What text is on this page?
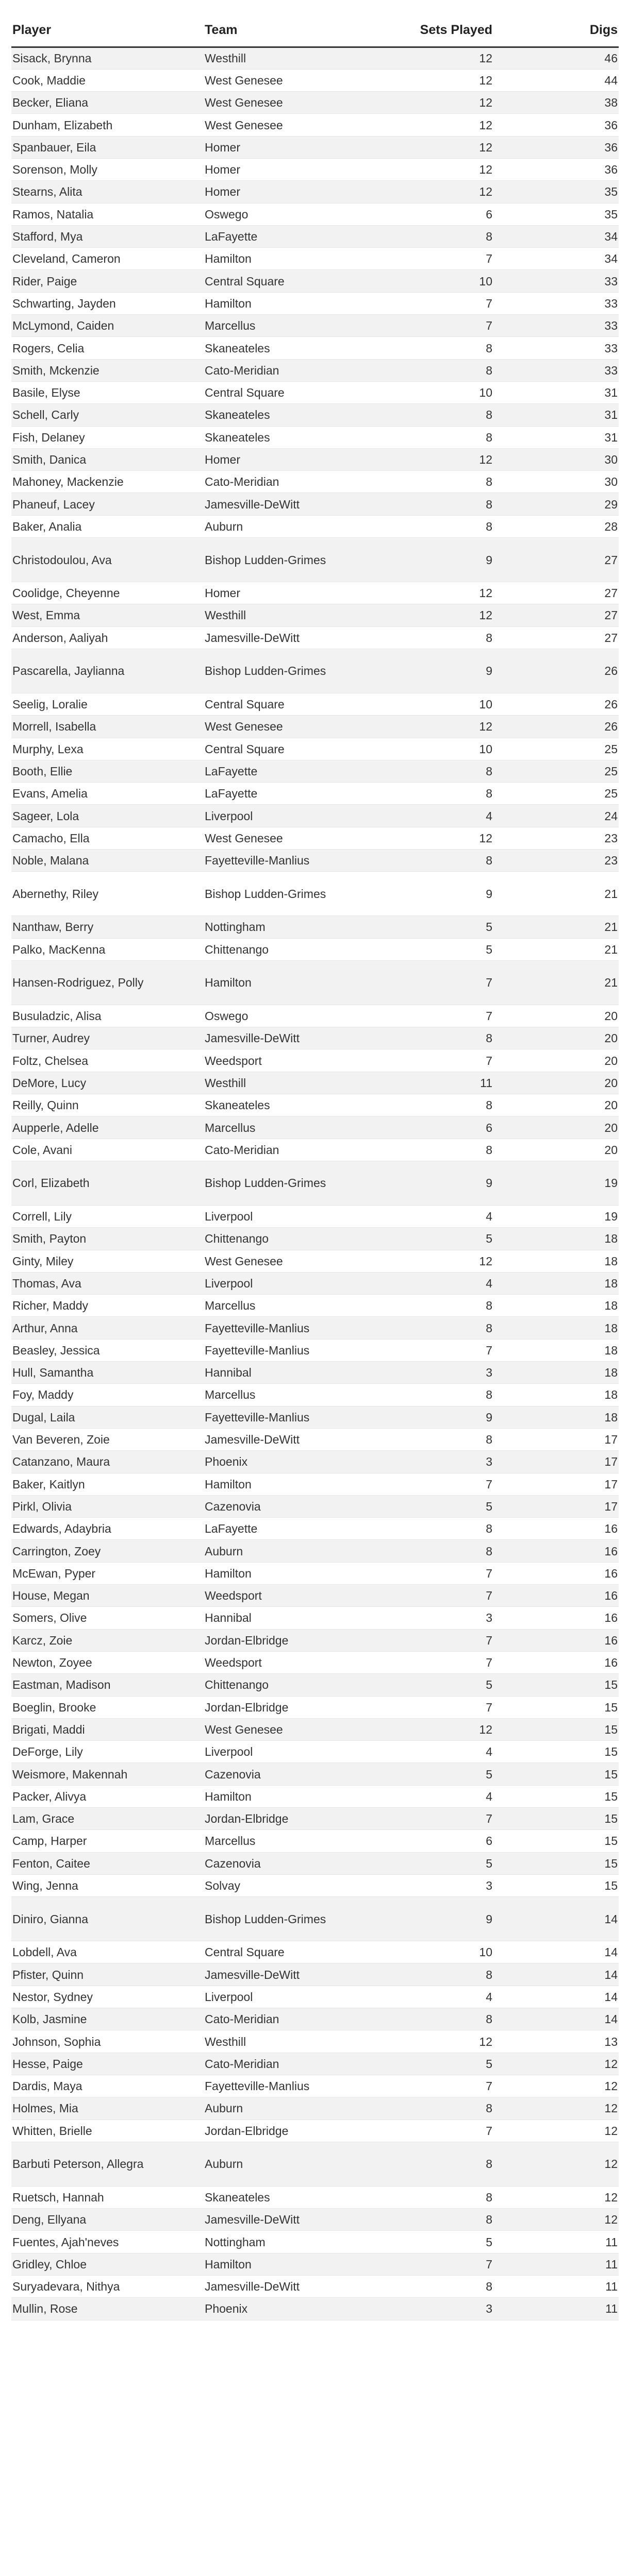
Player	Team	Sets Played	Digs
Sisack, Brynna	Westhill	12	46
Cook, Maddie	West Genesee	12	44
Becker, Eliana	West Genesee	12	38
Dunham, Elizabeth	West Genesee	12	36
Spanbauer, Eila	Homer	12	36
Sorenson, Molly	Homer	12	36
Stearns, Alita	Homer	12	35
Ramos, Natalia	Oswego	6	35
Stafford, Mya	LaFayette	8	34
Cleveland, Cameron	Hamilton	7	34
Rider, Paige	Central Square	10	33
Schwarting, Jayden	Hamilton	7	33
McLymond, Caiden	Marcellus	7	33
Rogers, Celia	Skaneateles	8	33
Smith, Mckenzie	Cato-Meridian	8	33
Basile, Elyse	Central Square	10	31
Schell, Carly	Skaneateles	8	31
Fish, Delaney	Skaneateles	8	31
Smith, Danica	Homer	12	30
Mahoney, Mackenzie	Cato-Meridian	8	30
Phaneuf, Lacey	Jamesville-DeWitt	8	29
Baker, Analia	Auburn	8	28
Christodoulou, Ava	Bishop Ludden-Grimes	9	27
Coolidge, Cheyenne	Homer	12	27
West, Emma	Westhill	12	27
Anderson, Aaliyah	Jamesville-DeWitt	8	27
Pascarella, Jaylianna	Bishop Ludden-Grimes	9	26
Seelig, Loralie	Central Square	10	26
Morrell, Isabella	West Genesee	12	26
Murphy, Lexa	Central Square	10	25
Booth, Ellie	LaFayette	8	25
Evans, Amelia	LaFayette	8	25
Sageer, Lola	Liverpool	4	24
Camacho, Ella	West Genesee	12	23
Noble, Malana	Fayetteville-Manlius	8	23
Abernethy, Riley	Bishop Ludden-Grimes	9	21
Nanthaw, Berry	Nottingham	5	21
Palko, MacKenna	Chittenango	5	21
Hansen-Rodriguez, Polly	Hamilton	7	21
Busuladzic, Alisa	Oswego	7	20
Turner, Audrey	Jamesville-DeWitt	8	20
Foltz, Chelsea	Weedsport	7	20
DeMore, Lucy	Westhill	11	20
Reilly, Quinn	Skaneateles	8	20
Aupperle, Adelle	Marcellus	6	20
Cole, Avani	Cato-Meridian	8	20
Corl, Elizabeth	Bishop Ludden-Grimes	9	19
Correll, Lily	Liverpool	4	19
Smith, Payton	Chittenango	5	18
Ginty, Miley	West Genesee	12	18
Thomas, Ava	Liverpool	4	18
Richer, Maddy	Marcellus	8	18
Arthur, Anna	Fayetteville-Manlius	8	18
Beasley, Jessica	Fayetteville-Manlius	7	18
Hull, Samantha	Hannibal	3	18
Foy, Maddy	Marcellus	8	18
Dugal, Laila	Fayetteville-Manlius	9	18
Van Beveren, Zoie	Jamesville-DeWitt	8	17
Catanzano, Maura	Phoenix	3	17
Baker, Kaitlyn	Hamilton	7	17
Pirkl, Olivia	Cazenovia	5	17
Edwards, Adaybria	LaFayette	8	16
Carrington, Zoey	Auburn	8	16
McEwan, Pyper	Hamilton	7	16
House, Megan	Weedsport	7	16
Somers, Olive	Hannibal	3	16
Karcz, Zoie	Jordan-Elbridge	7	16
Newton, Zoyee	Weedsport	7	16
Eastman, Madison	Chittenango	5	15
Boeglin, Brooke	Jordan-Elbridge	7	15
Brigati, Maddi	West Genesee	12	15
DeForge, Lily	Liverpool	4	15
Weismore, Makennah	Cazenovia	5	15
Packer, Alivya	Hamilton	4	15
Lam, Grace	Jordan-Elbridge	7	15
Camp, Harper	Marcellus	6	15
Fenton, Caitee	Cazenovia	5	15
Wing, Jenna	Solvay	3	15
Diniro, Gianna	Bishop Ludden-Grimes	9	14
Lobdell, Ava	Central Square	10	14
Pfister, Quinn	Jamesville-DeWitt	8	14
Nestor, Sydney	Liverpool	4	14
Kolb, Jasmine	Cato-Meridian	8	14
Johnson, Sophia	Westhill	12	13
Hesse, Paige	Cato-Meridian	5	12
Dardis, Maya	Fayetteville-Manlius	7	12
Holmes, Mia	Auburn	8	12
Whitten, Brielle	Jordan-Elbridge	7	12
Barbuti Peterson, Allegra	Auburn	8	12
Ruetsch, Hannah	Skaneateles	8	12
Deng, Ellyana	Jamesville-DeWitt	8	12
Fuentes, Ajah'neves	Nottingham	5	11
Gridley, Chloe	Hamilton	7	11
Suryadevara, Nithya	Jamesville-DeWitt	8	11
Mullin, Rose	Phoenix	3	11
